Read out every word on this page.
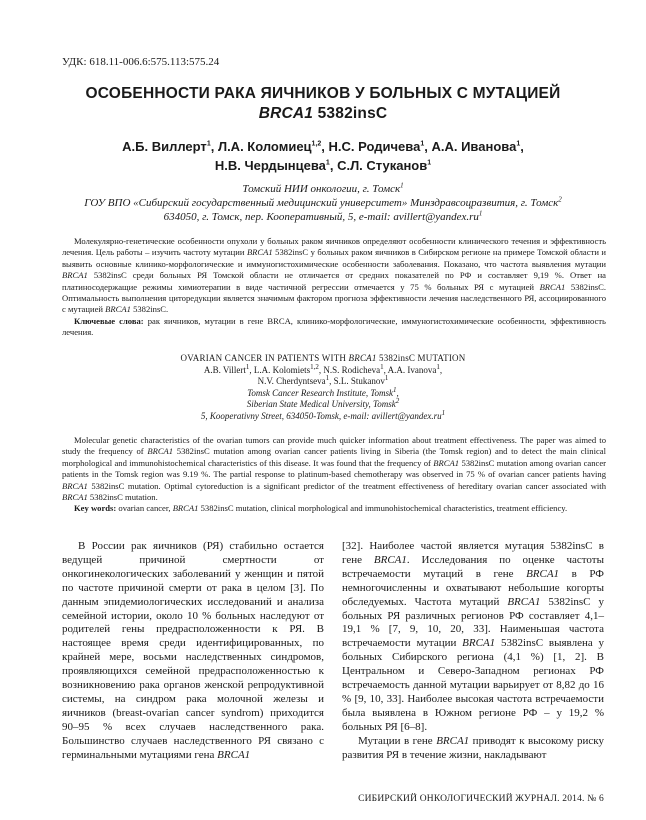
УДК: 618.11-006.6:575.113:575.24
ОСОБЕННОСТИ РАКА ЯИЧНИКОВ У БОЛЬНЫХ С МУТАЦИЕЙ
BRCA1 5382insC
А.Б. Виллерт$^1$, Л.А. Коломиец$^{1,2}$, Н.С. Родичева$^1$, А.А. Иванова$^1$,
Н.В. Чердынцева$^1$, С.Л. Стуканов$^1$
Томский НИИ онкологии, г. Томск$^1$
ГОУ ВПО «Сибирский государственный медицинский университет» Минздравсоцразвития, г. Томск$^2$
634050, г. Томск, пер. Кооперативный, 5, e-mail: $avillert@yandex.ru^1$

Молекулярно-генетические особенности опухоли у больных раком яичников определяют особенности клинического течения и эффективность лечения. Цель работы – изучить частоту мутации BRCA1 5382insC у больных раком яичников в Сибирском регионе на примере Томской области и выявить основные клинико-морфологические и иммуногистохимические особенности заболевания. Показано, что частота выявления мутации BRCA1 5382insC среди больных РЯ Томской области не отличается от средних показателей по РФ и составляет 9,19 %. Ответ на платиносодержащие режимы химиотерапии в виде частичной регрессии отмечается у 75 % больных РЯ с мутацией BRCA1 5382insC. Оптимальность выполнения циторедукции является значимым фактором прогноза эффективности лечения наследственного РЯ, ассоциированного с мутацией BRCA1 5382insC.

Ключевые слова: рак яичников, мутации в гене BRCA, клинико-морфологические, иммуногистохимические особенности, эффективность лечения.

OVARIAN CANCER IN PATIENTS WITH BRCA1 5382insC MUTATION
A.B. Villert$^1$, L.A. Kolomiets$^{1,2}$, N.S. Rodicheva$^1$, A.A. Ivanova$^1$,
N.V. Cherdyntseva$^1$, S.L. Stukanov$^1$
Tomsk Cancer Research Institute, Tomsk$^1$,
Siberian State Medical University, Tomsk$^2$
5, Kooperativny Street, 634050-Tomsk, e-mail: $avillert@yandex.ru^1$

Molecular genetic characteristics of the ovarian tumors can provide much quicker information about treatment effectiveness. The paper was aimed to study the frequency of BRCA1 5382insC mutation among ovarian cancer patients living in Siberia (the Tomsk region) and to detect the main clinical morphological and immunohistochemical characteristics of this disease. It was found that the frequency of BRCA1 5382insC mutation among ovarian cancer patients in the Tomsk region was 9.19 %. The partial response to platinum-based chemotherapy was observed in 75 % of ovarian cancer patients having BRCA1 5382insC mutation. Optimal cytoreduction is a significant predictor of the treatment effectiveness of hereditary ovarian cancer associated with BRCA1 5382insC mutation.

Key words: ovarian cancer, BRCA1 5382insC mutation, clinical morphological and immunohistochemical characteristics, treatment efficiency.

В России рак яичников (РЯ) стабильно остается ведущей причиной смертности от онкогинекологических заболеваний у женщин и пятой по частоте причиной смерти от рака в целом [3]. По данным эпидемиологических исследований и анализа семейной истории, около 10 % больных наследуют от родителей гены предрасположенности к РЯ. В настоящее время среди идентифицированных, по крайней мере, восьми наследственных синдромов, проявляющихся семейной предрасположенностью к возникновению рака органов женской репродуктивной системы, на синдром рака молочной железы и яичников (breast-ovarian cancer syndrom) приходится 90–95 % всех случаев наследственного рака. Большинство случаев наследственного РЯ связано с герминальными мутациями гена BRCA1

[32]. Наиболее частой является мутация 5382insC в гене BRCA1. Исследования по оценке частоты встречаемости мутаций в гене BRCA1 в РФ немногочисленны и охватывают небольшие когорты обследуемых. Частота мутаций BRCA1 5382insC у больных РЯ различных регионов РФ составляет 4,1–19,1 % [7, 9, 10, 20, 33]. Наименьшая частота встречаемости мутации BRCA1 5382insC выявлена у больных Сибирского региона (4,1 %) [1, 2]. В Центральном и Северо-Западном регионах РФ встречаемость данной мутации варьирует от 8,82 до 16 % [9, 10, 33]. Наиболее высокая частота встречаемости была выявлена в Южном регионе РФ – у 19,2 % больных РЯ [6–8].

Мутации в гене BRCA1 приводят к высокому риску развития РЯ в течение жизни, накладывают

СИБИРСКИЙ ОНКОЛОГИЧЕСКИЙ ЖУРНАЛ. 2014. № 6
